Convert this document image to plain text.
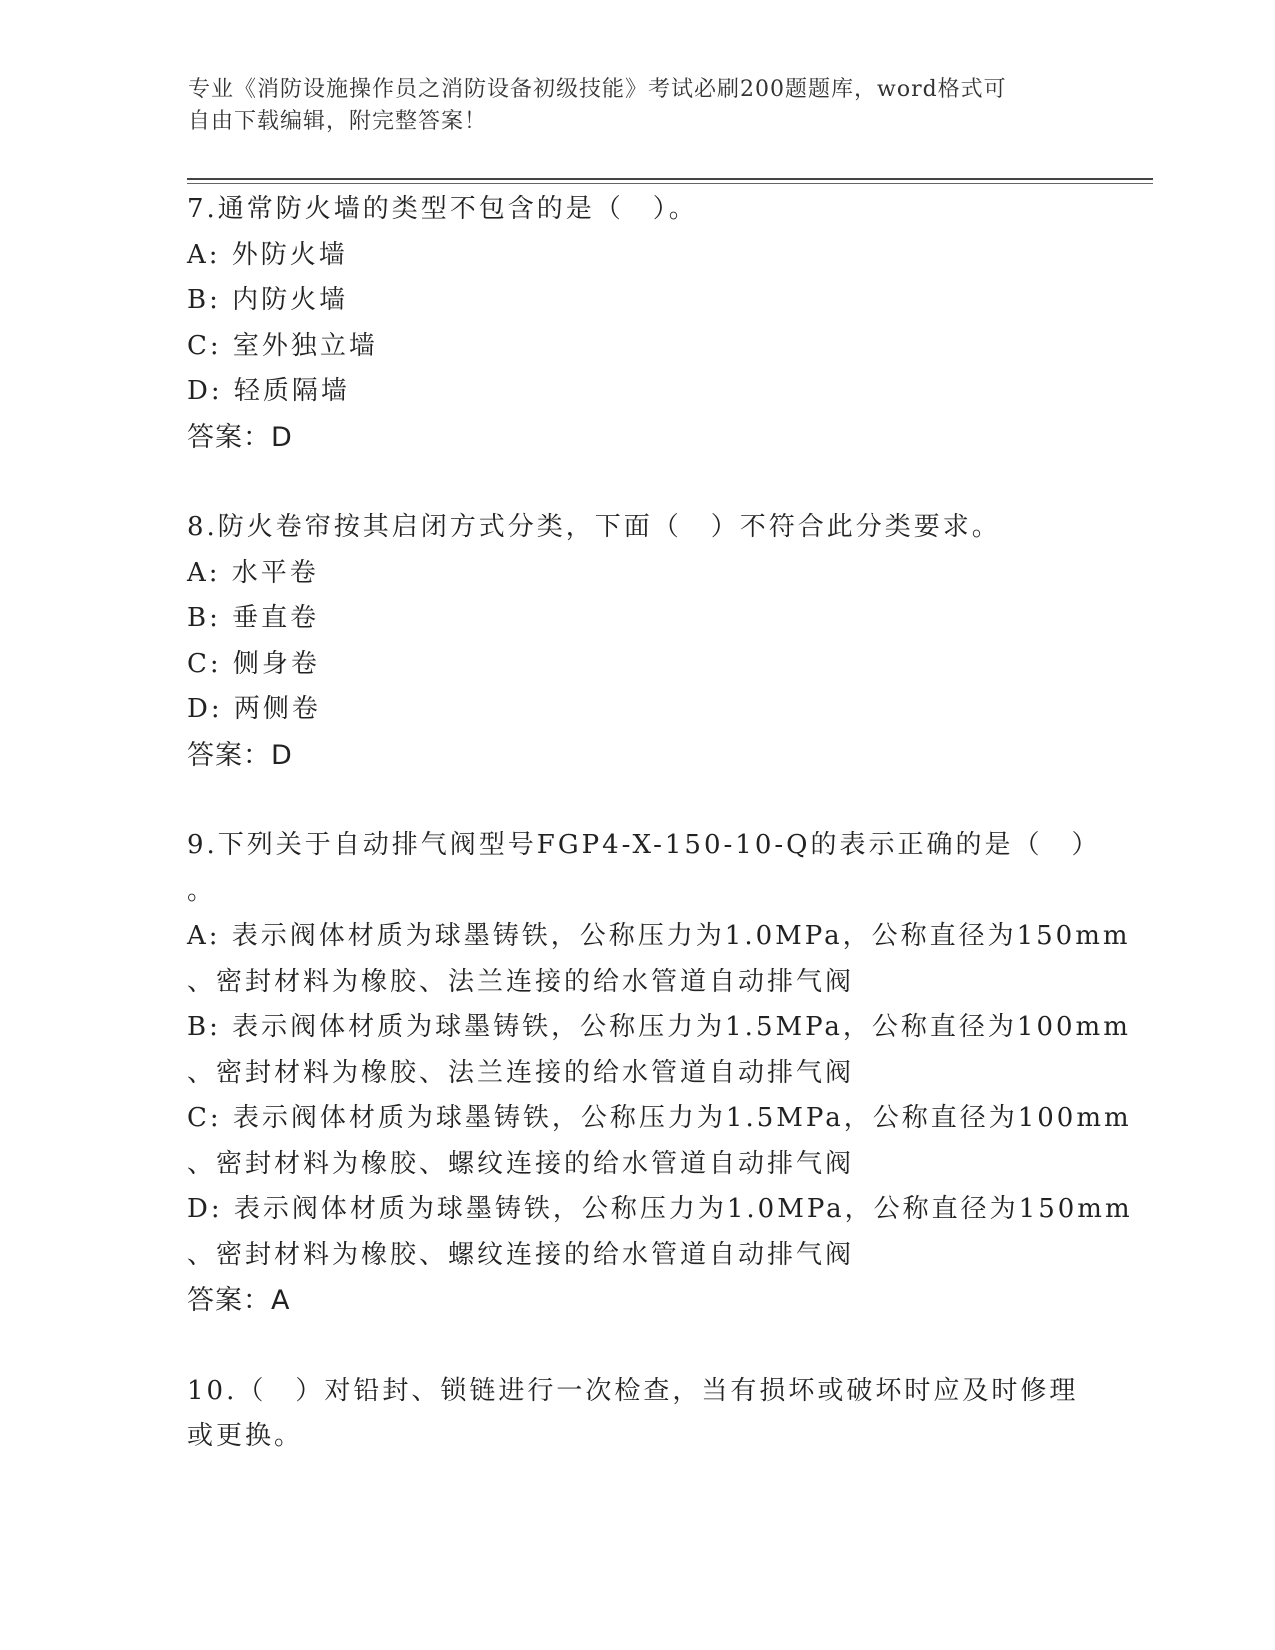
专业《消防设施操作员之消防设备初级技能》考试必刷200题题库，word格式可
自由下载编辑，附完整答案！
7.通常防火墙的类型不包含的是（　）。
A: 外防火墙
B: 内防火墙
C: 室外独立墙
D: 轻质隔墙
答案：D
8.防火卷帘按其启闭方式分类，下面（　）不符合此分类要求。
A: 水平卷
B: 垂直卷
C: 侧身卷
D: 两侧卷
答案：D
9.下列关于自动排气阀型号FGP4-X-150-10-Q的表示正确的是（　）
。
A: 表示阀体材质为球墨铸铁，公称压力为1.0MPa，公称直径为150mm
、密封材料为橡胶、法兰连接的给水管道自动排气阀
B: 表示阀体材质为球墨铸铁，公称压力为1.5MPa，公称直径为100mm
、密封材料为橡胶、法兰连接的给水管道自动排气阀
C: 表示阀体材质为球墨铸铁，公称压力为1.5MPa，公称直径为100mm
、密封材料为橡胶、螺纹连接的给水管道自动排气阀
D: 表示阀体材质为球墨铸铁，公称压力为1.0MPa，公称直径为150mm
、密封材料为橡胶、螺纹连接的给水管道自动排气阀
答案：A
10.（　）对铅封、锁链进行一次检查，当有损坏或破坏时应及时修理
或更换。
